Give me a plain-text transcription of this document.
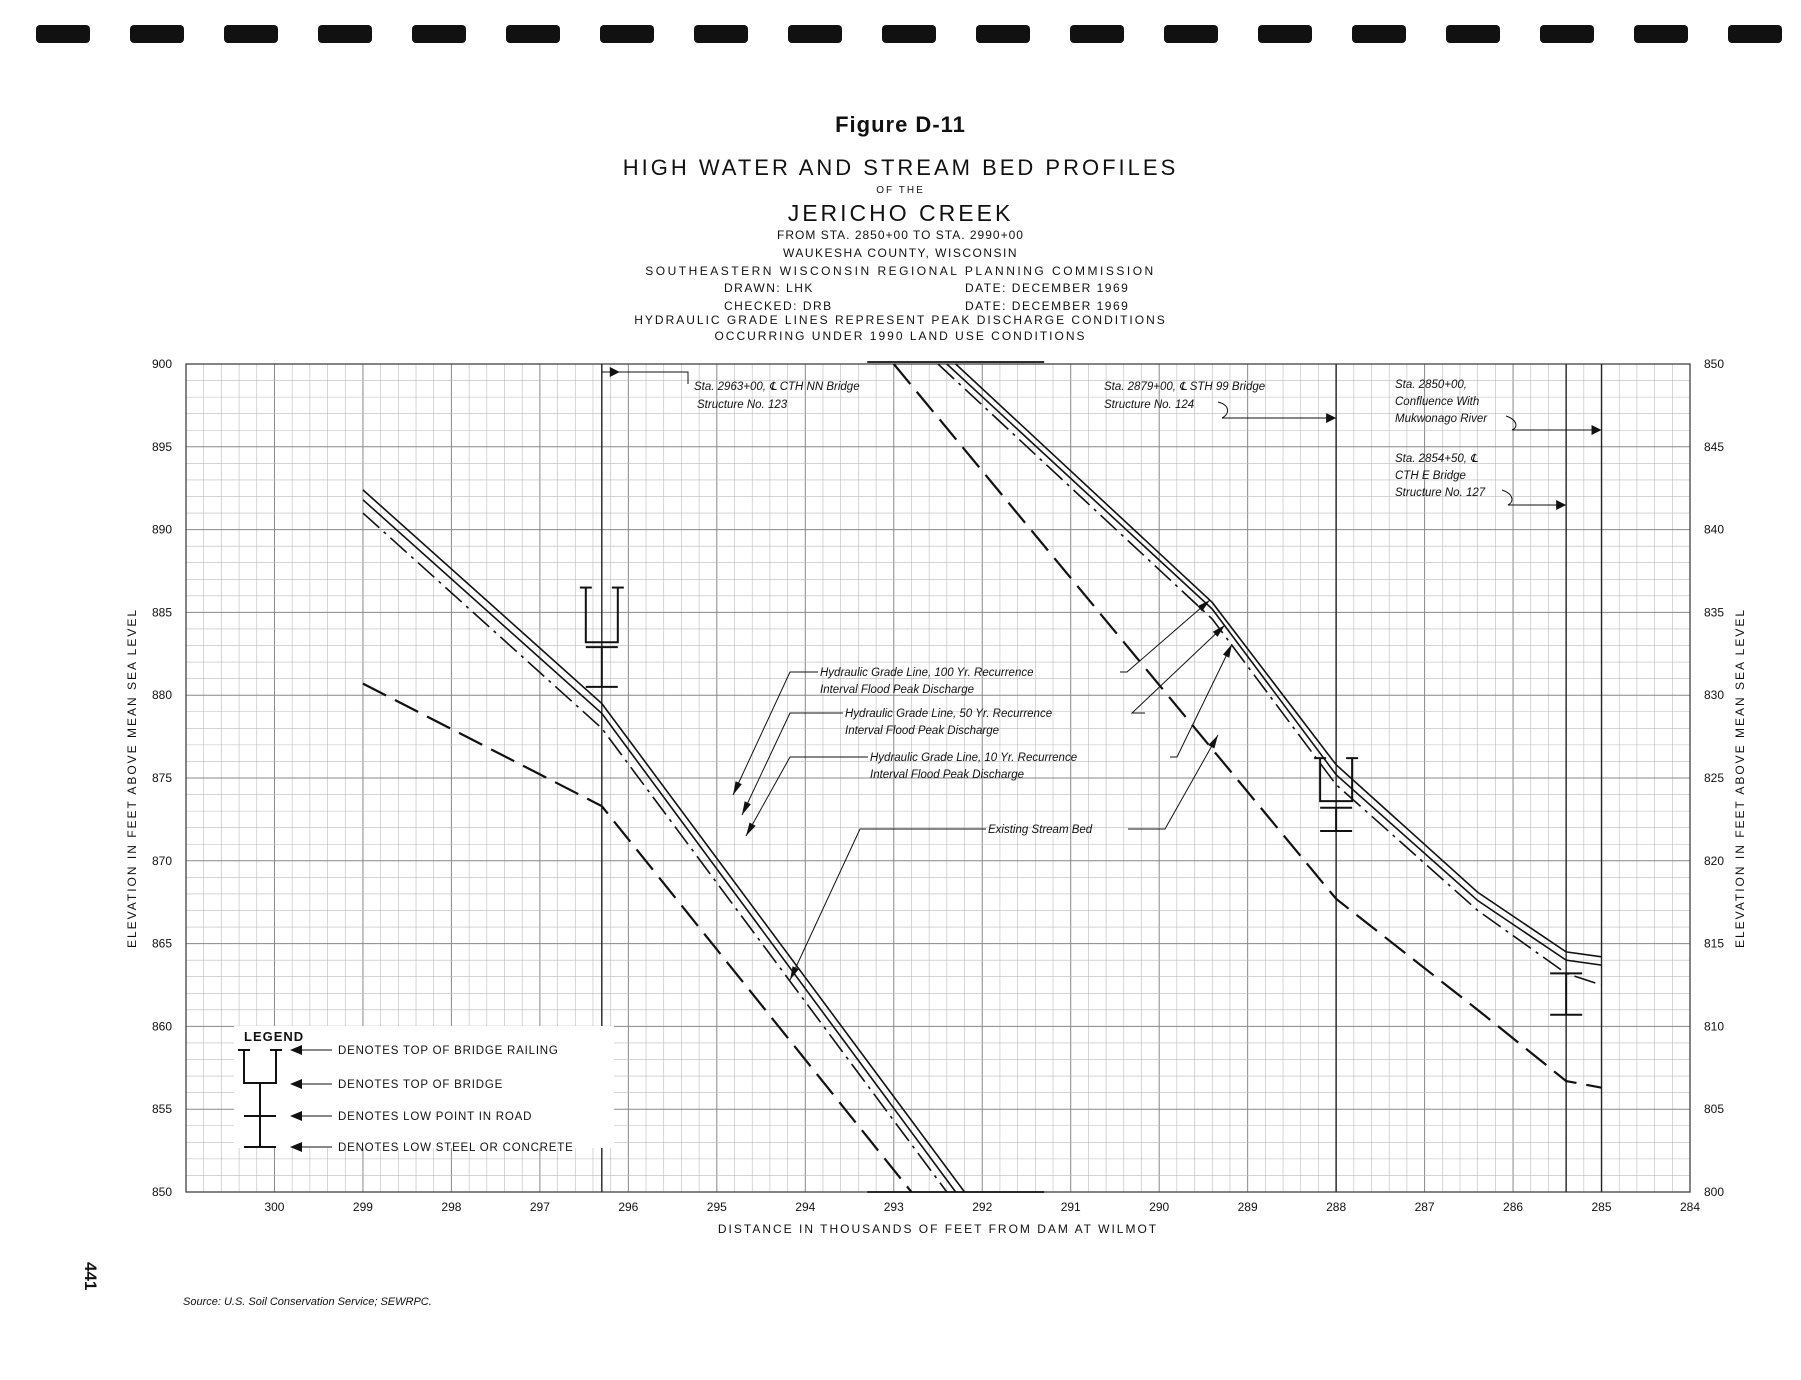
Figure D-11
HIGH WATER AND STREAM BED PROFILES
OF THE
JERICHO CREEK
FROM STA. 2850+00 TO STA. 2990+00
WAUKESHA COUNTY, WISCONSIN
SOUTHEASTERN WISCONSIN REGIONAL PLANNING COMMISSION
DRAWN: LHK	DATE: DECEMBER 1969
CHECKED: DRB	DATE: DECEMBER 1969
HYDRAULIC GRADE LINES REPRESENT PEAK DISCHARGE CONDITIONS
OCCURRING UNDER 1990 LAND USE CONDITIONS
300	299	298	297	296	295	294	293	292	291	290	289	288	287	286	285	284
900
895
890
885
880
875
870
865
860
855
850
850
845
840
835
830
825
820
815
810
805
800
DISTANCE IN THOUSANDS OF FEET FROM DAM AT WILMOT
ELEVATION IN FEET ABOVE MEAN SEA LEVEL	ELEVATION IN FEET ABOVE MEAN SEA LEVEL
Sta. 2963+00, ℄ CTH NN Bridge
Structure No. 123
Sta. 2879+00, ℄ STH 99 Bridge
Structure No. 124
Sta. 2850+00,
Confluence With
Mukwonago River
Sta. 2854+50, ℄
CTH E Bridge
Structure No. 127
Hydraulic Grade Line, 100 Yr. Recurrence
Interval Flood Peak Discharge
Hydraulic Grade Line, 50 Yr. Recurrence
Interval Flood Peak Discharge
Hydraulic Grade Line, 10 Yr. Recurrence
Interval Flood Peak Discharge
Existing Stream Bed
LEGEND
DENOTES TOP OF BRIDGE RAILING
DENOTES TOP OF BRIDGE
DENOTES LOW POINT IN ROAD
DENOTES LOW STEEL OR CONCRETE
Source: U.S. Soil Conservation Service; SEWRPC.
441
